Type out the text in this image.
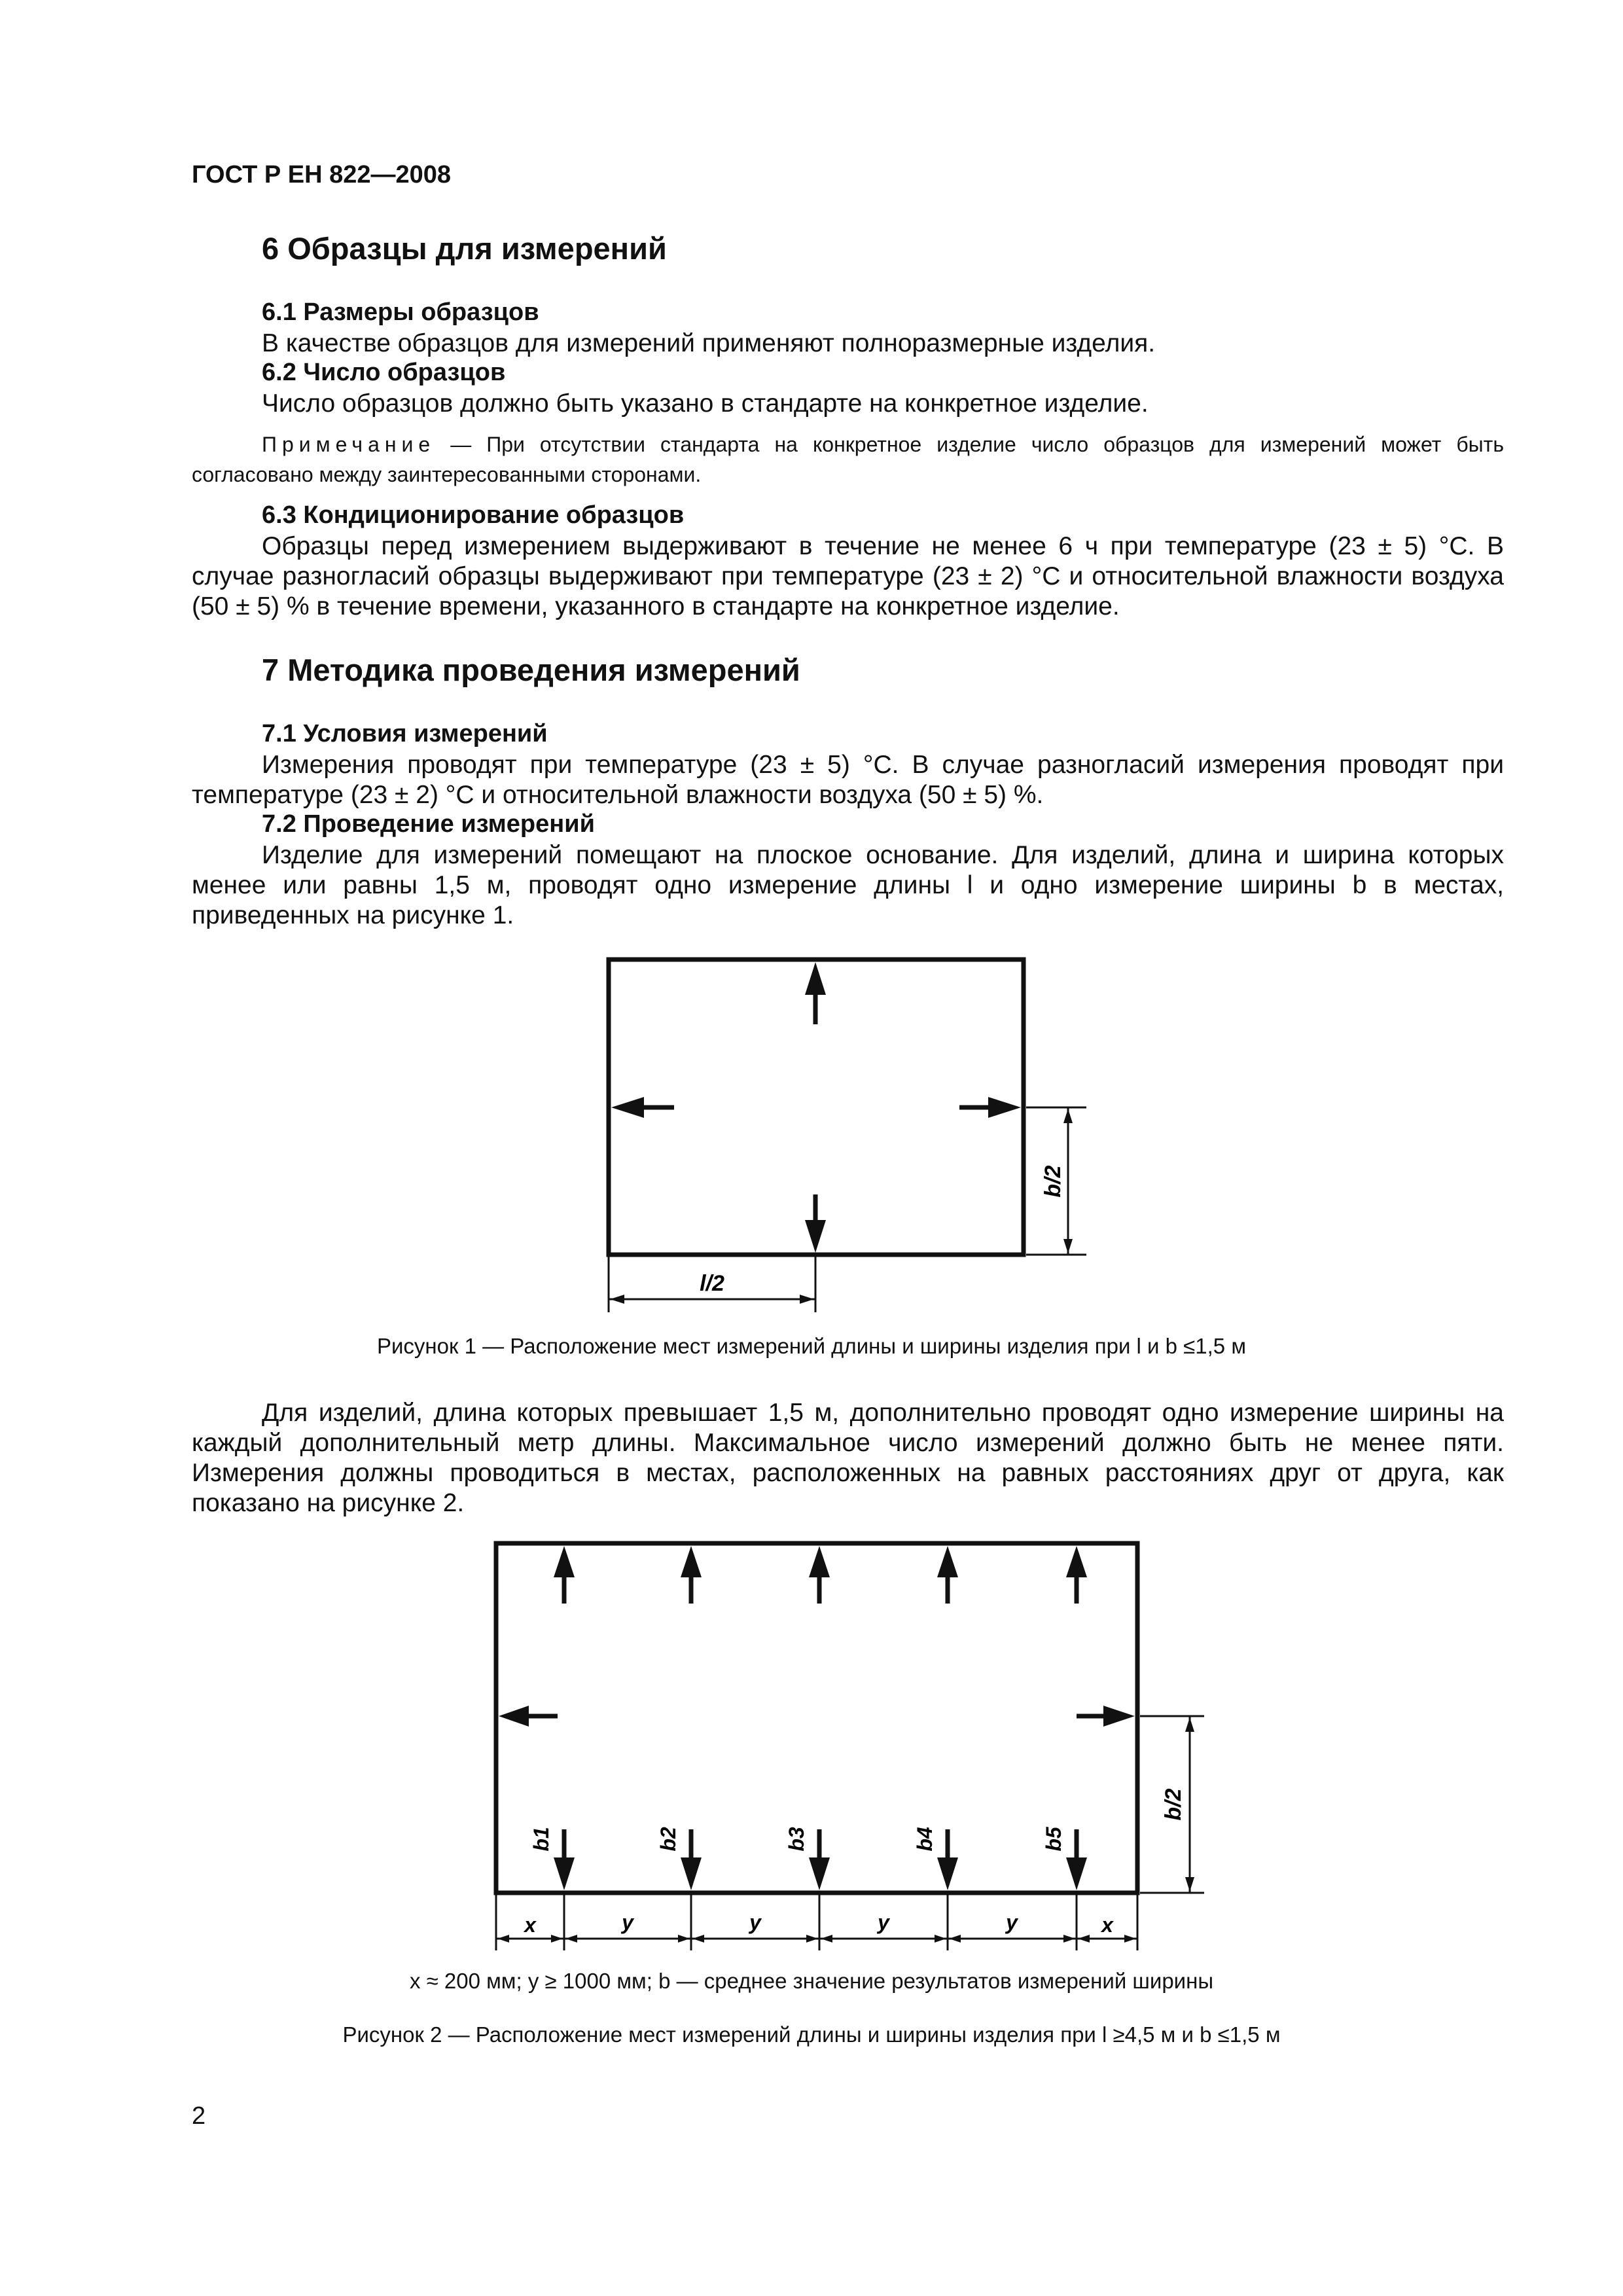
ГОСТ Р ЕН 822—2008
6 Образцы для измерений
6.1 Размеры образцов
В качестве образцов для измерений применяют полноразмерные изделия.
6.2 Число образцов
Число образцов должно быть указано в стандарте на конкретное изделие.
Примечание — При отсутствии стандарта на конкретное изделие число образцов для измерений может быть согласовано между заинтересованными сторонами.
6.3 Кондиционирование образцов
Образцы перед измерением выдерживают в течение не менее 6 ч при температуре (23 ± 5) °С. В случае разногласий образцы выдерживают при температуре (23 ± 2) °С и относительной влажности воздуха (50 ± 5) % в течение времени, указанного в стандарте на конкретное изделие.
7 Методика проведения измерений
7.1 Условия измерений
Измерения проводят при температуре (23 ± 5) °С. В случае разногласий измерения проводят при температуре (23 ± 2) °С и относительной влажности воздуха (50 ± 5) %.
7.2 Проведение измерений
Изделие для измерений помещают на плоское основание. Для изделий, длина и ширина которых менее или равны 1,5 м, проводят одно измерение длины l и одно измерение ширины b в местах, приведенных на рисунке 1.
b/2
l/2
b1	b2	b3	b4	b5
b/2
x	y	y	y	y	x
Рисунок 1 — Расположение мест измерений длины и ширины изделия при l и b ≤1,5 м
Для изделий, длина которых превышает 1,5 м, дополнительно проводят одно измерение ширины на каждый дополнительный метр длины. Максимальное число измерений должно быть не менее пяти. Измерения должны проводиться в местах, расположенных на равных расстояниях друг от друга, как показано на рисунке 2.
x ≈ 200 мм; y ≥ 1000 мм; b — среднее значение результатов измерений ширины
Рисунок 2 — Расположение мест измерений длины и ширины изделия при l ≥4,5 м и b ≤1,5 м
2
